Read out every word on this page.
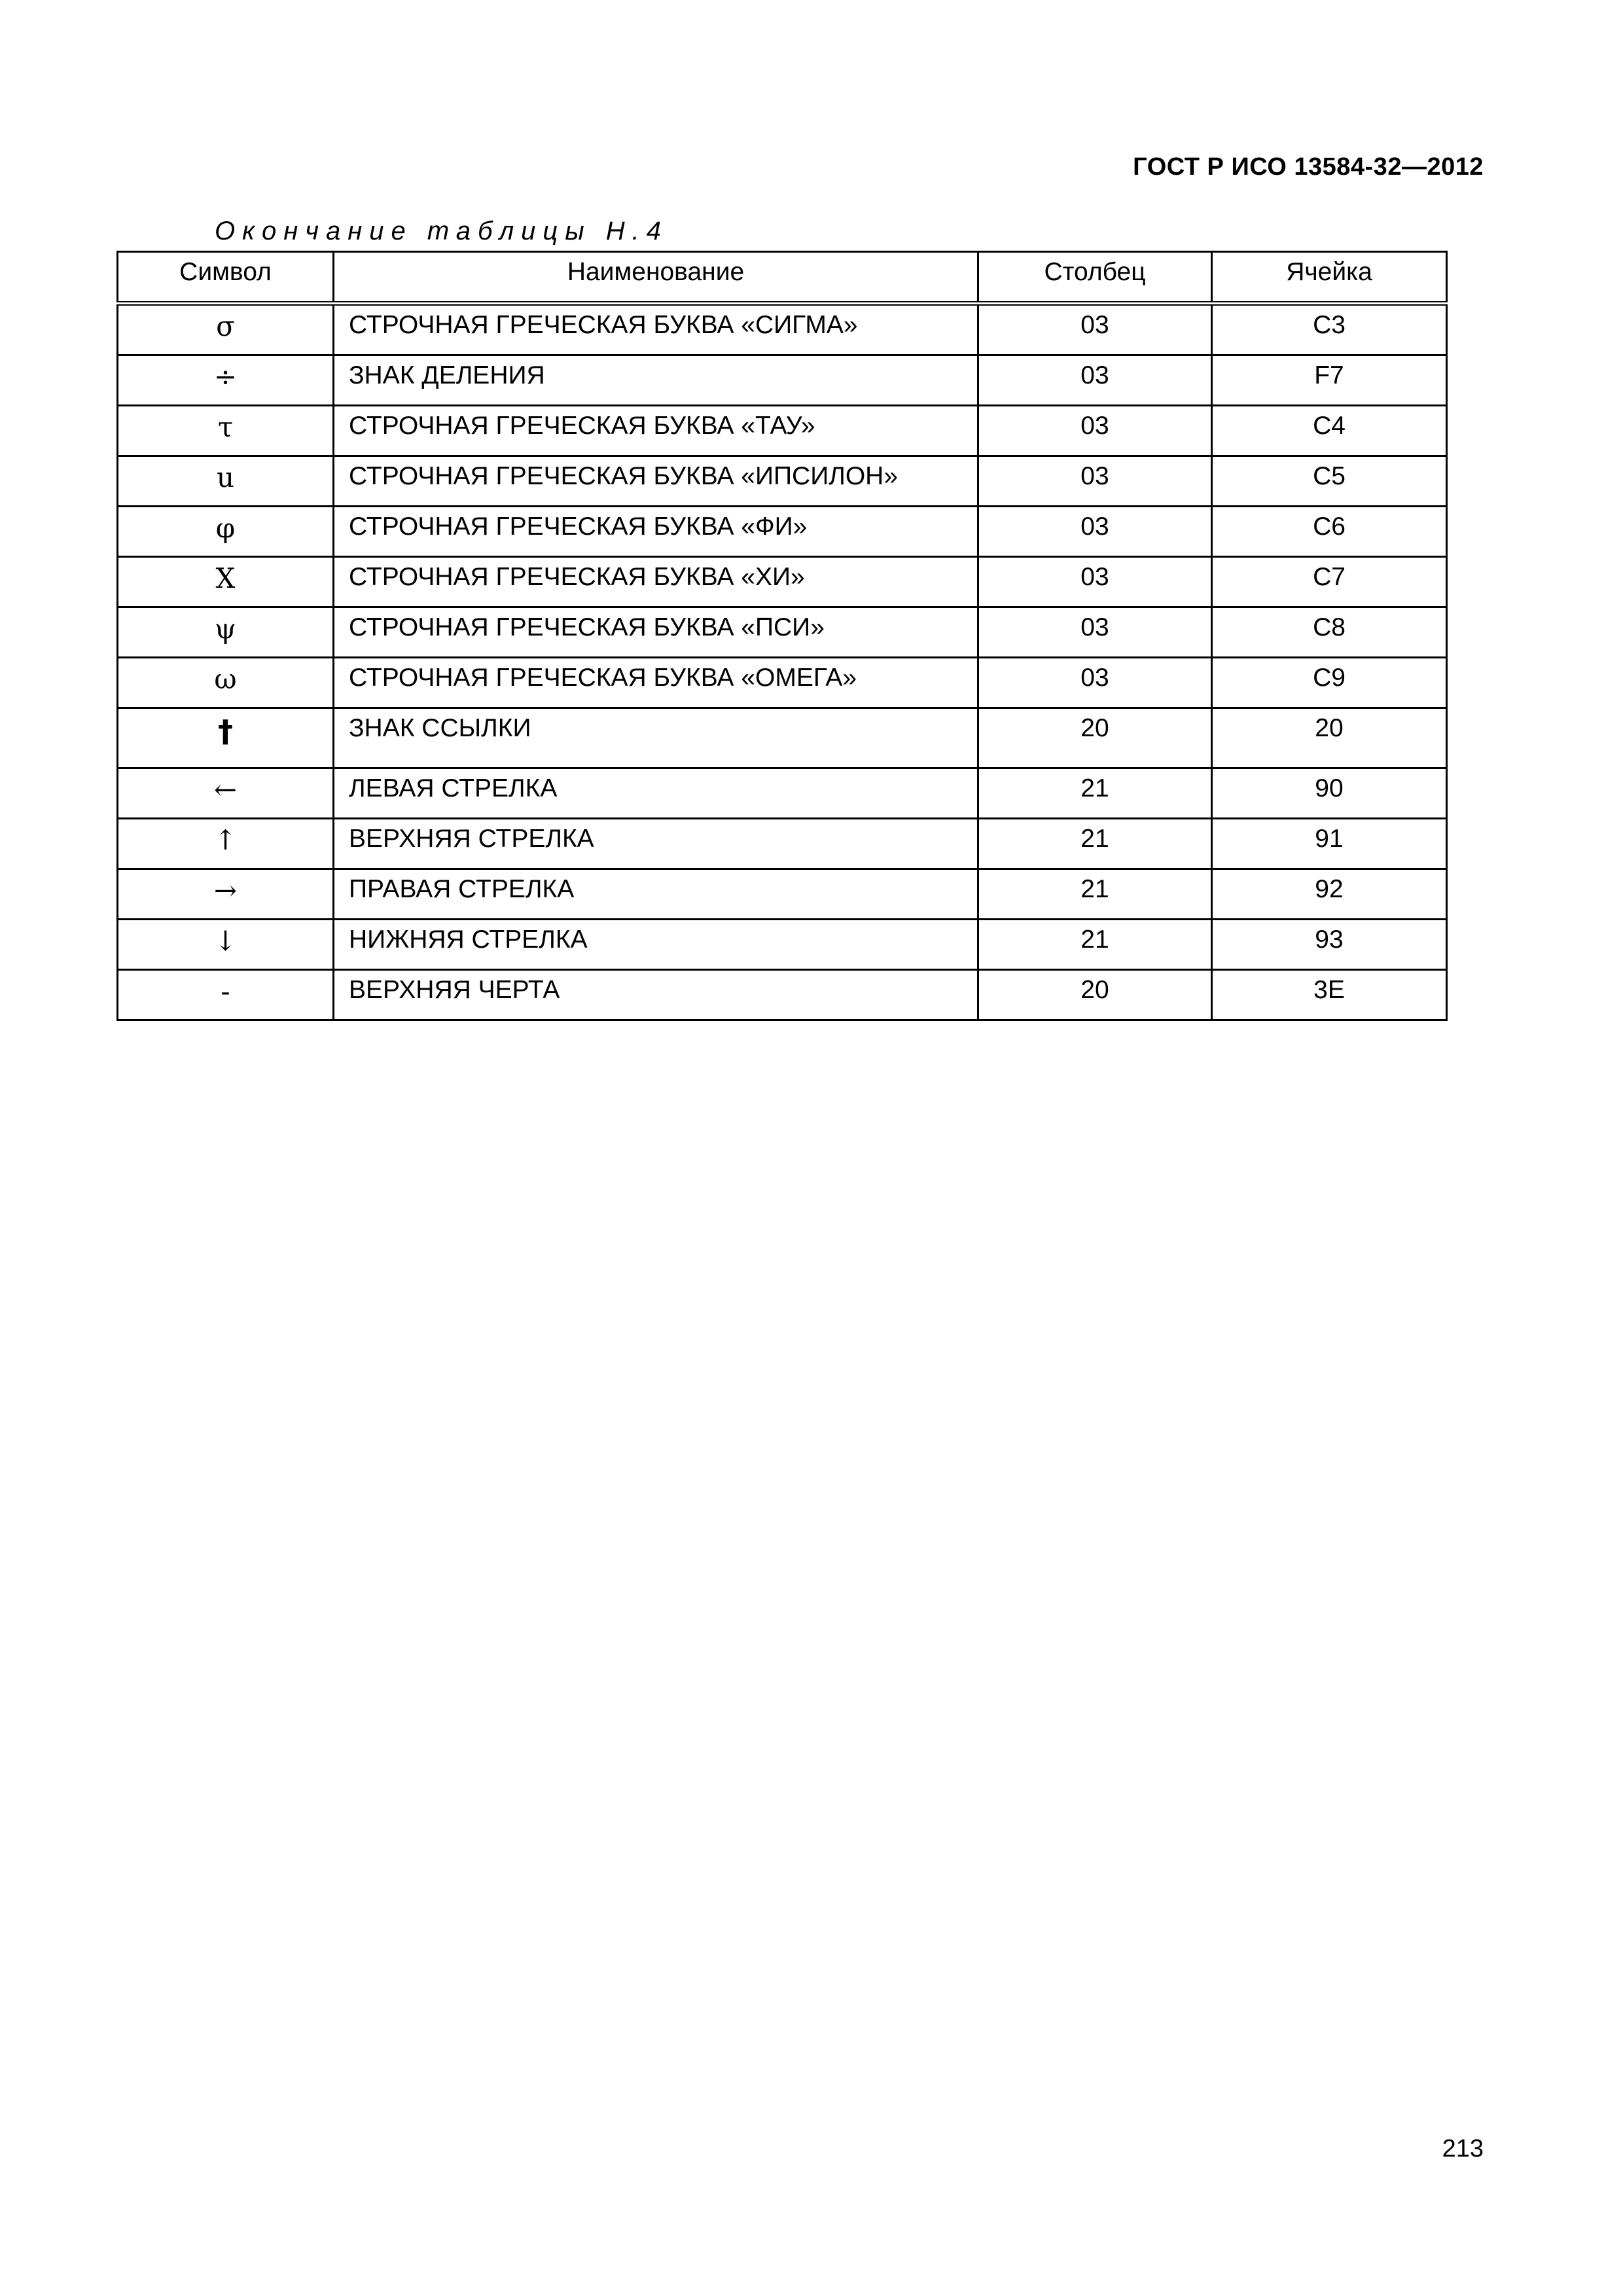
ГОСТ Р ИСО 13584-32—2012
Окончание таблицы H.4
Символ	Наименование	Столбец	Ячейка
σ	СТРОЧНАЯ ГРЕЧЕСКАЯ БУКВА «СИГМА»	03	C3
÷	ЗНАК ДЕЛЕНИЯ	03	F7
τ	СТРОЧНАЯ ГРЕЧЕСКАЯ БУКВА «ТАУ»	03	C4
u	СТРОЧНАЯ ГРЕЧЕСКАЯ БУКВА «ИПСИЛОН»	03	C5
φ	СТРОЧНАЯ ГРЕЧЕСКАЯ БУКВА «ФИ»	03	C6
X	СТРОЧНАЯ ГРЕЧЕСКАЯ БУКВА «ХИ»	03	C7
ψ	СТРОЧНАЯ ГРЕЧЕСКАЯ БУКВА «ПСИ»	03	C8
ω	СТРОЧНАЯ ГРЕЧЕСКАЯ БУКВА «ОМЕГА»	03	C9
†	ЗНАК ССЫЛКИ	20	20
←	ЛЕВАЯ СТРЕЛКА	21	90
↑	ВЕРХНЯЯ СТРЕЛКА	21	91
→	ПРАВАЯ СТРЕЛКА	21	92
↓	НИЖНЯЯ СТРЕЛКА	21	93
-	ВЕРХНЯЯ ЧЕРТА	20	3E
213
